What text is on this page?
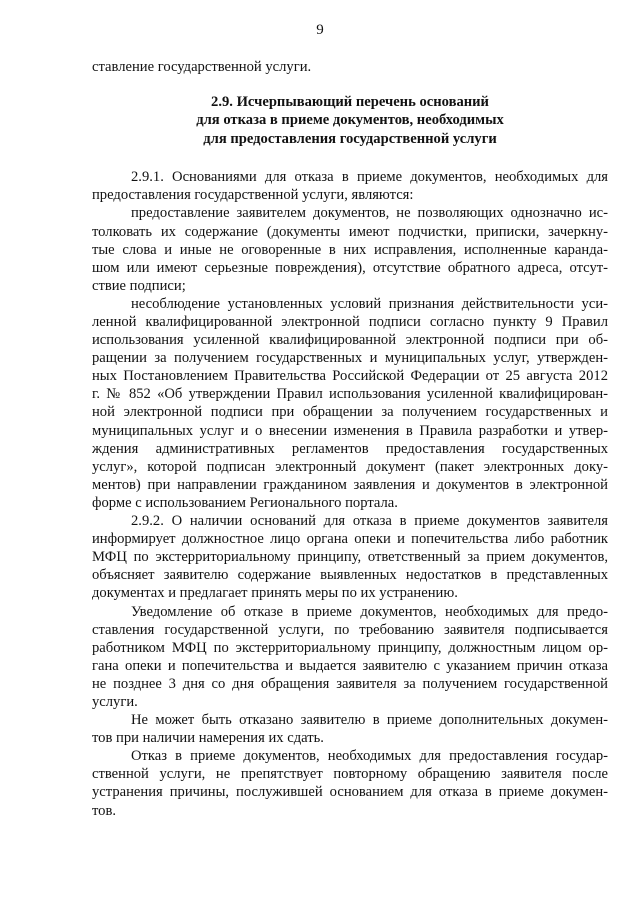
9
ставление государственной услуги.
2.9. Исчерпывающий перечень оснований
для отказа в приеме документов, необходимых
для предоставления государственной услуги
2.9.1. Основаниями для отказа в приеме документов, необходимых для
предоставления государственной услуги, являются:
предоставление заявителем документов, не позволяющих однозначно ис-
толковать их содержание (документы имеют подчистки, приписки, зачеркну-
тые слова и иные не оговоренные в них исправления, исполненные каранда-
шом или имеют серьезные повреждения), отсутствие обратного адреса, отсут-
ствие подписи;
несоблюдение установленных условий признания действительности уси-
ленной квалифицированной электронной подписи согласно пункту 9 Правил
использования усиленной квалифицированной электронной подписи при об-
ращении за получением государственных и муниципальных услуг, утвержден-
ных Постановлением Правительства Российской Федерации от 25 августа 2012
г. № 852 «Об утверждении Правил использования усиленной квалифицирован-
ной электронной подписи при обращении за получением государственных и
муниципальных услуг и о внесении изменения в Правила разработки и утвер-
ждения административных регламентов предоставления государственных
услуг», которой подписан электронный документ (пакет электронных доку-
ментов) при направлении гражданином заявления и документов в электронной
форме с использованием Регионального портала.
2.9.2. О наличии оснований для отказа в приеме документов заявителя
информирует должностное лицо органа опеки и попечительства либо работник
МФЦ по экстерриториальному принципу, ответственный за прием документов,
объясняет заявителю содержание выявленных недостатков в представленных
документах и предлагает принять меры по их устранению.
Уведомление об отказе в приеме документов, необходимых для предо-
ставления государственной услуги, по требованию заявителя подписывается
работником МФЦ по экстерриториальному принципу, должностным лицом ор-
гана опеки и попечительства и выдается заявителю с указанием причин отказа
не позднее 3 дня со дня обращения заявителя за получением государственной
услуги.
Не может быть отказано заявителю в приеме дополнительных докумен-
тов при наличии намерения их сдать.
Отказ в приеме документов, необходимых для предоставления государ-
ственной услуги, не препятствует повторному обращению заявителя после
устранения причины, послужившей основанием для отказа в приеме докумен-
тов.
